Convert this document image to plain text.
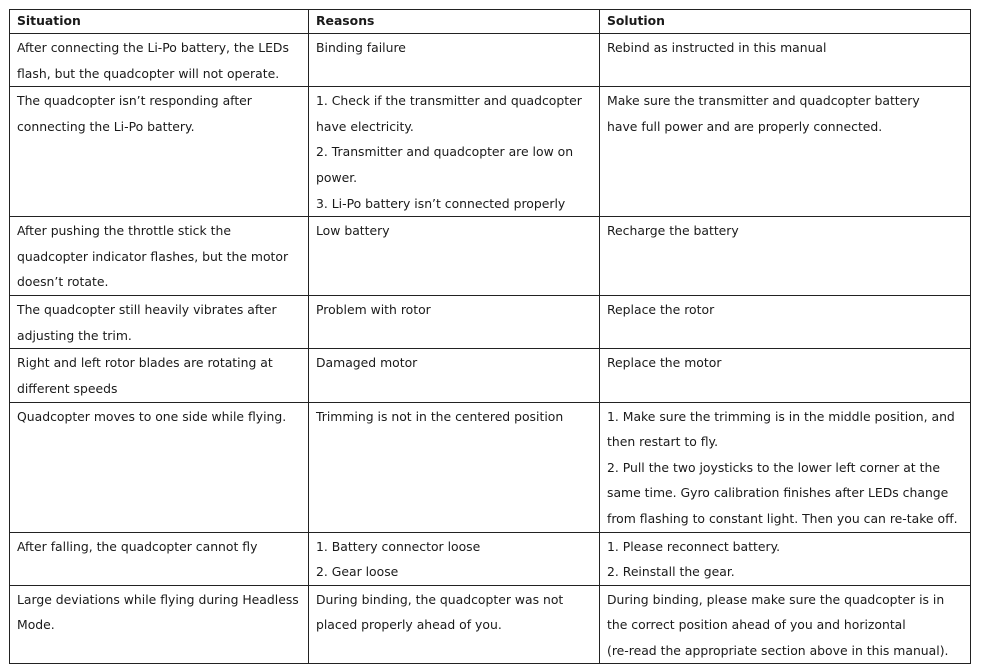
Situation	Reasons	Solution

After connecting the Li-Po battery, the LEDs
flash, but the quadcopter will not operate.	Binding failure	Rebind as instructed in this manual

The quadcopter isn’t responding after
connecting the Li-Po battery.	1. Check if the transmitter and quadcopter
have electricity.
2. Transmitter and quadcopter are low on
power.
3. Li-Po battery isn’t connected properly	Make sure the transmitter and quadcopter battery
have full power and are properly connected.

After pushing the throttle stick the
quadcopter indicator flashes, but the motor
doesn’t rotate.	Low battery	Recharge the battery

The quadcopter still heavily vibrates after
adjusting the trim.	Problem with rotor	Replace the rotor

Right and left rotor blades are rotating at
different speeds	Damaged motor	Replace the motor

Quadcopter moves to one side while flying.	Trimming is not in the centered position	1. Make sure the trimming is in the middle position, and
then restart to fly.
2. Pull the two joysticks to the lower left corner at the
same time. Gyro calibration finishes after LEDs change
from flashing to constant light. Then you can re-take off.

After falling, the quadcopter cannot fly	1. Battery connector loose
2. Gear loose	1. Please reconnect battery.
2. Reinstall the gear.

Large deviations while flying during Headless
Mode.	During binding, the quadcopter was not
placed properly ahead of you.	During binding, please make sure the quadcopter is in
the correct position ahead of you and horizontal
(re-read the appropriate section above in this manual).
